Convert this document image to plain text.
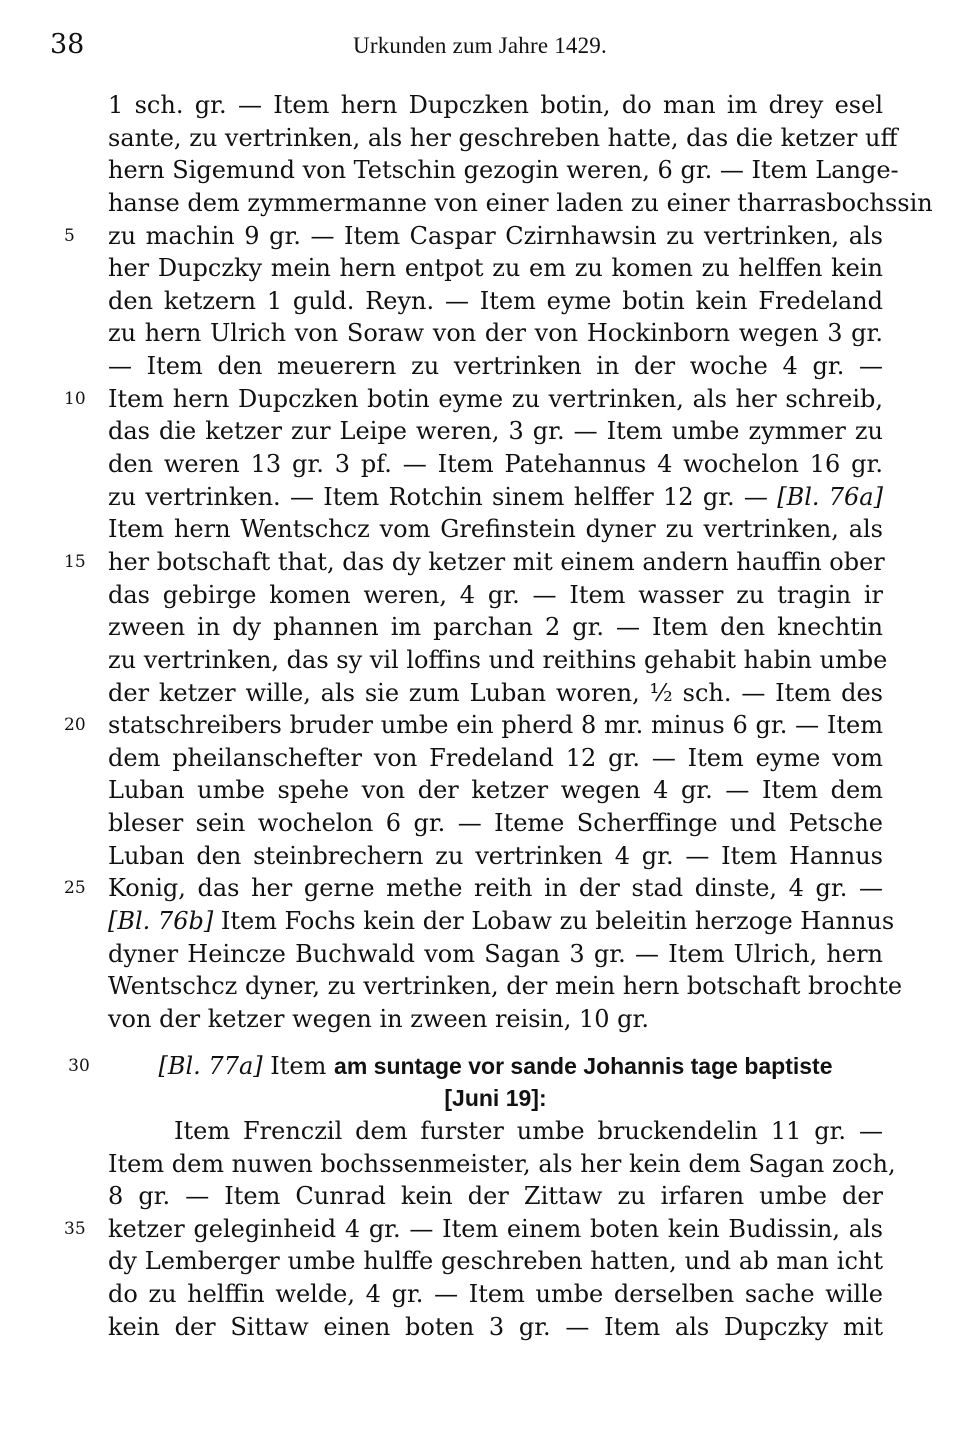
38	Urkunden zum Jahre 1429.
1 sch. gr. — Item hern Dupczken botin, do man im drey esel
sante, zu vertrinken, als her geschreben hatte, das die ketzer uff
hern Sigemund von Tetschin gezogin weren, 6 gr. — Item Lange-
hanse dem zymmermanne von einer laden zu einer tharrasbochssin
5	zu machin 9 gr. — Item Caspar Czirnhawsin zu vertrinken, als
her Dupczky mein hern entpot zu em zu komen zu helffen kein
den ketzern 1 guld. Reyn. — Item eyme botin kein Fredeland
zu hern Ulrich von Soraw von der von Hockinborn wegen 3 gr.
— Item den meuerern zu vertrinken in der woche 4 gr. —
10 Item hern Dupczken botin eyme zu vertrinken, als her schreib,
das die ketzer zur Leipe weren, 3 gr. — Item umbe zymmer zu
den weren 13 gr. 3 pf. — Item Patehannus 4 wochelon 16 gr.
zu vertrinken. — Item Rotchin sinem helffer 12 gr. — [Bl. 76a]
Item hern Wentschcz vom Grefinstein dyner zu vertrinken, als
15 her botschaft that, das dy ketzer mit einem andern hauffin ober
das gebirge komen weren, 4 gr. — Item wasser zu tragin ir
zween in dy phannen im parchan 2 gr. — Item den knechtin
zu vertrinken, das sy vil loffins und reithins gehabit habin umbe
der ketzer wille, als sie zum Luban woren, ½ sch. — Item des
20 statschreibers bruder umbe ein pherd 8 mr. minus 6 gr. — Item
dem pheilanschefter von Fredeland 12 gr. — Item eyme vom
Luban umbe spehe von der ketzer wegen 4 gr. — Item dem
bleser sein wochelon 6 gr. — Iteme Scherffinge und Petsche
Luban den steinbrechern zu vertrinken 4 gr. — Item Hannus
25 Konig, das her gerne methe reith in der stad dinste, 4 gr. —
[Bl. 76b] Item Fochs kein der Lobaw zu beleitin herzoge Hannus
dyner Heincze Buchwald vom Sagan 3 gr. — Item Ulrich, hern
Wentschcz dyner, zu vertrinken, der mein hern botschaft brochte
von der ketzer wegen in zween reisin, 10 gr.
30	[Bl. 77a] Item am suntage vor sande Johannis tage baptiste
[Juni 19]:
Item Frenczil dem furster umbe bruckendelin 11 gr. —
Item dem nuwen bochssenmeister, als her kein dem Sagan zoch,
8 gr. — Item Cunrad kein der Zittaw zu irfaren umbe der
35 ketzer geleginheid 4 gr. — Item einem boten kein Budissin, als
dy Lemberger umbe hulffe geschreben hatten, und ab man icht
do zu helffin welde, 4 gr. — Item umbe derselben sache wille
kein der Sittaw einen boten 3 gr. — Item als Dupczky mit
